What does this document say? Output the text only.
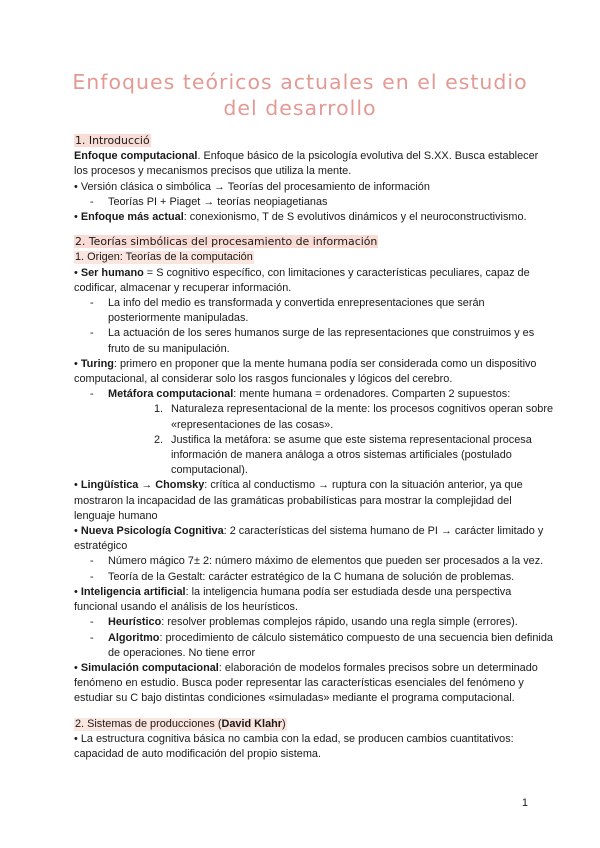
Enfoques teóricos actuales en el estudio
del desarrollo

1. Introducció

Enfoque computacional. Enfoque básico de la psicología evolutiva del S.XX. Busca establecer los procesos y mecanismos precisos que utiliza la mente.

• Versión clásica o simbólica → Teorías del procesamiento de información

- Teorías PI + Piaget → teorías neopiagetianas

• Enfoque más actual: conexionismo, T de S evolutivos dinámicos y el neuroconstructivismo.

2. Teorías simbólicas del procesamiento de información

1. Origen: Teorías de la computación

• Ser humano = S cognitivo específico, con limitaciones y características peculiares, capaz de codificar, almacenar y recuperar información.

- La info del medio es transformada y convertida enrepresentaciones que serán posteriormente manipuladas.

- La actuación de los seres humanos surge de las representaciones que construimos y es fruto de su manipulación.

• Turing: primero en proponer que la mente humana podía ser considerada como un dispositivo computacional, al considerar solo los rasgos funcionales y lógicos del cerebro.

- Metáfora computacional: mente humana = ordenadores. Comparten 2 supuestos:

1. Naturaleza representacional de la mente: los procesos cognitivos operan sobre «representaciones de las cosas».

2. Justifica la metáfora: se asume que este sistema representacional procesa información de manera análoga a otros sistemas artificiales (postulado computacional).

• Lingüística → Chomsky: crítica al conductismo → ruptura con la situación anterior, ya que mostraron la incapacidad de las gramáticas probabilísticas para mostrar la complejidad del lenguaje humano

• Nueva Psicología Cognitiva: 2 características del sistema humano de PI → carácter limitado y estratégico

- Número mágico 7± 2: número máximo de elementos que pueden ser procesados a la vez.

- Teoría de la Gestalt: carácter estratégico de la C humana de solución de problemas.

• Inteligencia artificial: la inteligencia humana podía ser estudiada desde una perspectiva funcional usando el análisis de los heurísticos.

- Heurístico: resolver problemas complejos rápido, usando una regla simple (errores).

- Algoritmo: procedimiento de cálculo sistemático compuesto de una secuencia bien definida de operaciones. No tiene error

• Simulación computacional: elaboración de modelos formales precisos sobre un determinado fenómeno en estudio. Busca poder representar las características esenciales del fenómeno y estudiar su C bajo distintas condiciones «simuladas» mediante el programa computacional.

2. Sistemas de producciones (David Klahr)

• La estructura cognitiva básica no cambia con la edad, se producen cambios cuantitativos: capacidad de auto modificación del propio sistema.

1
